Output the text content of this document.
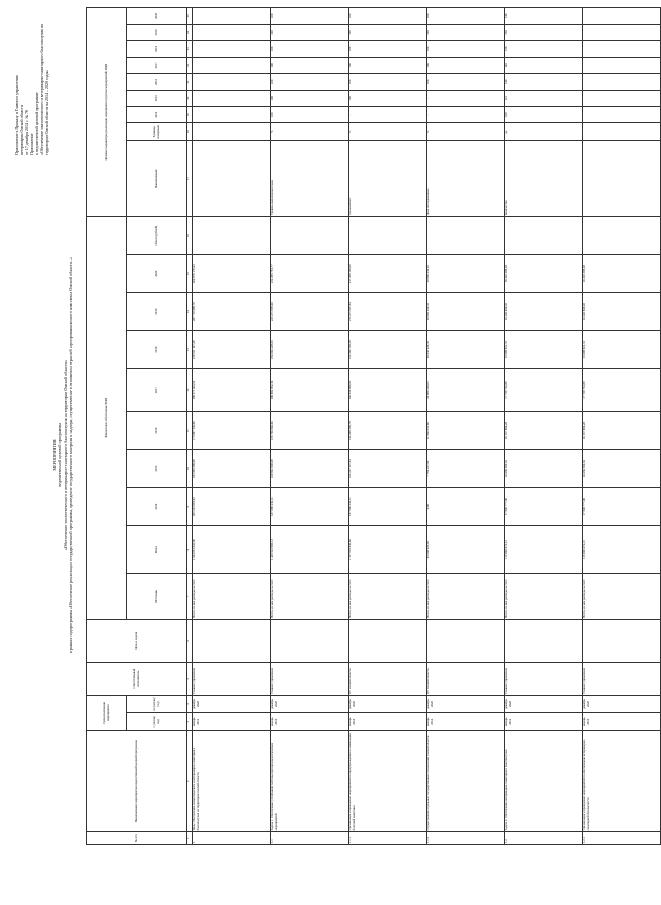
Приложение к Приказу и Главного управления ветеринарии Омской области от 17 декабря 2014 г. № 76 Приложение к ведомственной целевой программе «Обеспечение эпизоотического и ветеринарно-санитарного благополучия на территории Омской области на 2014 – 2020 годы»
МЕРОПРИЯТИЯ ведомственной целевой программы «Обеспечение эпизоотического и ветеринарно-санитарного благополучия на территории Омской области» в рамках подпрограммы «Обеспечение реализации государственной программы, проведение государственного контроля и надзора, осуществление в отношении отраслей агропромышленного комплекса Омской области...»
№ п/п	Наименование мероприятия ведомственной целевой программы	Срок реализации мероприятия		Ответственный исполнитель	Цель и задачи	Финансовое обеспечение ВЦП										Целевые индикаторы реализации мероприятия (группы мероприятий) ВЦП								
		с (месяц/год)	по (месяц/год)			Источник	Всего	2014	2015	2016	2017	2018	2019	2020	Объем (рублей)	Наименование	Единица измерения	2014	2015	2016	2017	2018	2019	2020
1	2	3	4	5	6	7	8	9	10	11	12	13	14	15	16	17	18	19	20	21	22	23	24	25
1	Цель: Обеспечение эпизоотического и ветеринарно-санитарного благополучия на территории Омской области	январь 2014	декабрь 2020	Главное управление		Всего, из них расходы за счет:	1 544 951 843,00	203 103 993,03	183 595 599,09	173 897 336,96	196 571 663,52	219 511 147,29	287 719 899,79	266 979 179,43										
1.1	Задача 1. Обеспечение устойчивой системы противоэпизоотических мероприятий	январь 2014	декабрь 2020	Главное управление		Всего, из них расходы за счет:	1 430 523 969,13	187 089 236,11	169 961 969,09	155 706 866,06	180 882 952,36	194 026 229,03	223 471 995,60	232 295 781,77		Уровень выполнения плана	%	100	100	100	100	100	100	100
1.1.1	Организация и проведение мероприятий по предупреждению и ликвидации болезней животных	январь 2014	декабрь 2020	БУ Омской области		Всего, из них расходы за счет:	1 337 918 846,86	187 089 236,11	165 227 327,54	144 298 309,78	166 938 889,03	214 396 192,38	213 471 997,84	217 298 105,00		Удельный вес	%	-	100	100	100	100	100	100
1.1.2	Осуществление отдельных государственных полномочий Омской области	январь 2014	декабрь 2020	БУ Омской области		Всего, из них расходы за счет:	92 608 025,65	0,00	7 794 227,60	11 966 933,80	20 898 328,03	20 030 228,35	20 969 228,35	30 990 238,25		Доля обследованных	%	-	-	100	100	100	100	100
1.2	Задача 2. Обеспечение ветеринарно-санитарного благополучия	январь 2014	декабрь 2020	Главное управление		Всего, из них расходы за счет:	115 068 474,13	17 969 777,00	16 656 382,52	16 157 806,28	17 759 752,89	15 698 921,31	16 226 968,45	16 225 398,28		Количество	ед.	100	112	140	146	150	150	148
1.2.1	Организация и проведение мероприятий по обеспечению ветеринарно-санитарной безопасности	январь 2014	декабрь 2020	Главное управление		Всего, из них расходы за счет:	115 068 474,13	17 969 777,00	16 656 382,52	16 157 806,28	17 759 752,89	15 698 921,31	16 226 968,45	16 225 398,28										
